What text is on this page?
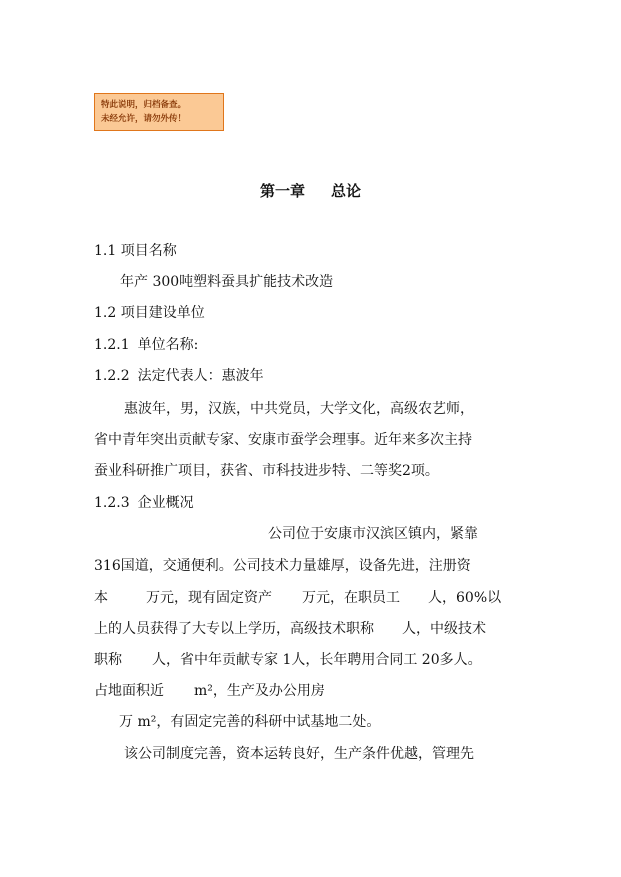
特此说明，归档备查。
未经允许，请勿外传！
第一章 总论
1.1 项目名称
年产 300吨塑料蚕具扩能技术改造
1.2 项目建设单位
1.2.1 单位名称:
1.2.2 法定代表人：惠波年
惠波年，男，汉族，中共党员，大学文化，高级农艺师，
省中青年突出贡献专家、安康市蚕学会理事。近年来多次主持
蚕业科研推广项目，获省、市科技进步特、二等奖2项。
1.2.3 企业概况
公司位于安康市汉滨区镇内，紧靠
316国道，交通便利。公司技术力量雄厚，设备先进，注册资
本	万元，现有固定资产 万元，在职员工 人，60%以
上的人员获得了大专以上学历，高级技术职称 人，中级技术
职称 人，省中年贡献专家 1人，长年聘用合同工 20多人。
占地面积近 m²，生产及办公用房
万 m²，有固定完善的科研中试基地二处。
该公司制度完善，资本运转良好，生产条件优越，管理先
